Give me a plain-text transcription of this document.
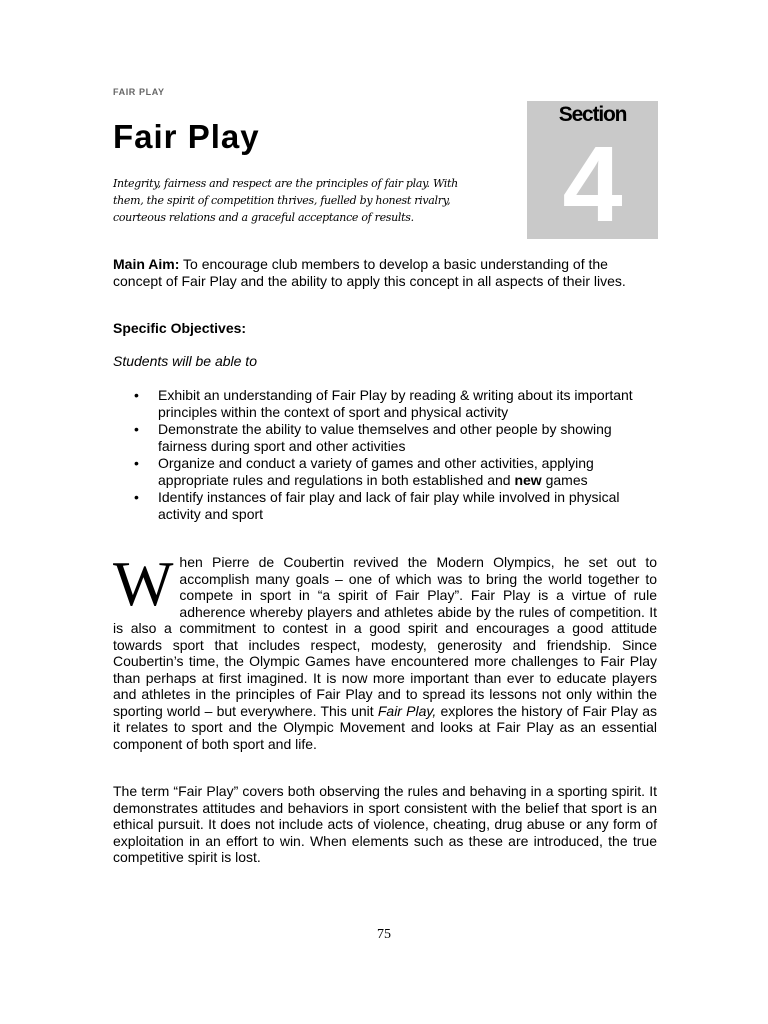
FAIR PLAY
Section
4
Fair Play

Integrity, fairness and respect are the principles of fair play. With them, the spirit of competition thrives, fuelled by honest rivalry, courteous relations and a graceful acceptance of results.

Main Aim: To encourage club members to develop a basic understanding of the concept of Fair Play and the ability to apply this concept in all aspects of their lives.

Specific Objectives:

Students will be able to

• Exhibit an understanding of Fair Play by reading & writing about its important principles within the context of sport and physical activity
• Demonstrate the ability to value themselves and other people by showing fairness during sport and other activities
• Organize and conduct a variety of games and other activities, applying appropriate rules and regulations in both established and new games
• Identify instances of fair play and lack of fair play while involved in physical activity and sport

When Pierre de Coubertin revived the Modern Olympics, he set out to accomplish many goals – one of which was to bring the world together to compete in sport in “a spirit of Fair Play”. Fair Play is a virtue of rule adherence whereby players and athletes abide by the rules of competition. It is also a commitment to contest in a good spirit and encourages a good attitude towards sport that includes respect, modesty, generosity and friendship. Since Coubertin’s time, the Olympic Games have encountered more challenges to Fair Play than perhaps at first imagined. It is now more important than ever to educate players and athletes in the principles of Fair Play and to spread its lessons not only within the sporting world – but everywhere. This unit Fair Play, explores the history of Fair Play as it relates to sport and the Olympic Movement and looks at Fair Play as an essential component of both sport and life.

The term “Fair Play” covers both observing the rules and behaving in a sporting spirit. It demonstrates attitudes and behaviors in sport consistent with the belief that sport is an ethical pursuit. It does not include acts of violence, cheating, drug abuse or any form of exploitation in an effort to win. When elements such as these are introduced, the true competitive spirit is lost.

75
